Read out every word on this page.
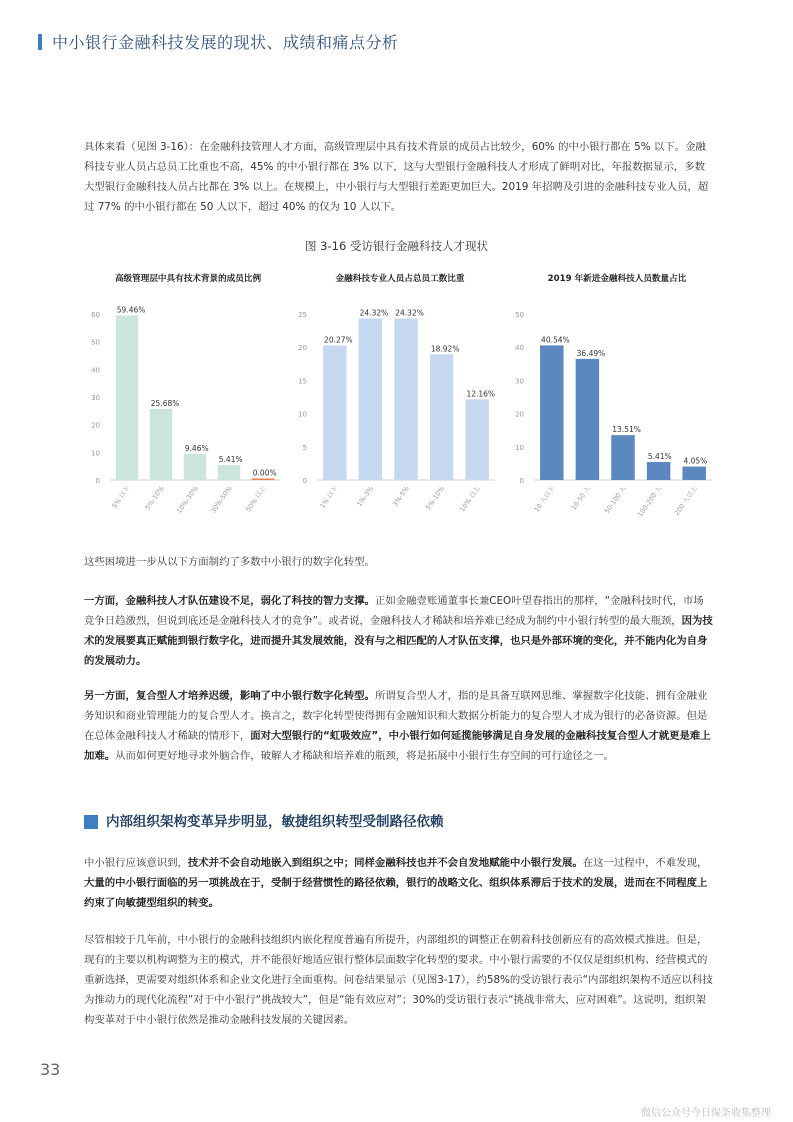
中小银行金融科技发展的现状、成绩和痛点分析

具体来看（见图 3-16）：在金融科技管理人才方面，高级管理层中具有技术背景的成员占比较少，60% 的中小银行都在 5% 以下。金融科技专业人员占总员工比重也不高，45% 的中小银行都在 3% 以下，这与大型银行金融科技人才形成了鲜明对比，年报数据显示，多数大型银行金融科技人员占比都在 3% 以上。在规模上，中小银行与大型银行差距更加巨大。2019 年招聘及引进的金融科技专业人员，超过 77% 的中小银行都在 50 人以下，超过 40% 的仅为 10 人以下。

图 3-16 受访银行金融科技人才现状
高级管理层中具有技术背景的成员比例
0
10
20
30
40
50
60
59.46%
5% 以下
25.68%
5%-10%
9.46%
10%-30%
5.41%
30%-50%
0.00%
50% 以上
金融科技专业人员占总员工数比重
0
5
10
15
20
25
20.27%
1% 以下
24.32%
1%-3%
24.32%
3%-5%
18.92%
5%-10%
12.16%
10% 以上
2019 年新进金融科技人员数量占比
0
10
20
30
40
50
40.54%
10 人以下
36.49%
10-50 人
13.51%
50-100 人
5.41%
100-200 人
4.05%
200 人以上

这些困境进一步从以下方面制约了多数中小银行的数字化转型。

一方面，金融科技人才队伍建设不足，弱化了科技的智力支撑。正如金融壹账通董事长兼CEO叶望春指出的那样，“金融科技时代，市场竞争日趋激烈，但说到底还是金融科技人才的竞争”。或者说，金融科技人才稀缺和培养难已经成为制约中小银行转型的最大瓶颈，因为技术的发展要真正赋能到银行数字化，进而提升其发展效能，没有与之相匹配的人才队伍支撑，也只是外部环境的变化，并不能内化为自身的发展动力。

另一方面，复合型人才培养迟缓，影响了中小银行数字化转型。所谓复合型人才，指的是具备互联网思维、掌握数字化技能、拥有金融业务知识和商业管理能力的复合型人才。换言之，数字化转型使得拥有金融知识和大数据分析能力的复合型人才成为银行的必备资源。但是在总体金融科技人才稀缺的情形下，面对大型银行的“虹吸效应”，中小银行如何延揽能够满足自身发展的金融科技复合型人才就更是难上加难。从而如何更好地寻求外脑合作，破解人才稀缺和培养难的瓶颈，将是拓展中小银行生存空间的可行途径之一。

内部组织架构变革异步明显，敏捷组织转型受制路径依赖

中小银行应该意识到，技术并不会自动地嵌入到组织之中；同样金融科技也并不会自发地赋能中小银行发展。在这一过程中，不难发现，大量的中小银行面临的另一项挑战在于，受制于经营惯性的路径依赖，银行的战略文化、组织体系滞后于技术的发展，进而在不同程度上约束了向敏捷型组织的转变。

尽管相较于几年前，中小银行的金融科技组织内嵌化程度普遍有所提升，内部组织的调整正在朝着科技创新应有的高效模式推进。但是，现有的主要以机构调整为主的模式，并不能很好地适应银行整体层面数字化转型的要求。中小银行需要的不仅仅是组织机构、经营模式的重新选择，更需要对组织体系和企业文化进行全面重构。问卷结果显示（见图3-17），约58%的受访银行表示“内部组织架构不适应以科技为推动力的现代化流程”对于中小银行“挑战较大”，但是“能有效应对”；30%的受访银行表示“挑战非常大，应对困难”。这说明，组织架构变革对于中小银行依然是推动金融科技发展的关键因素。

33
微信公众号今日保条收集整理
